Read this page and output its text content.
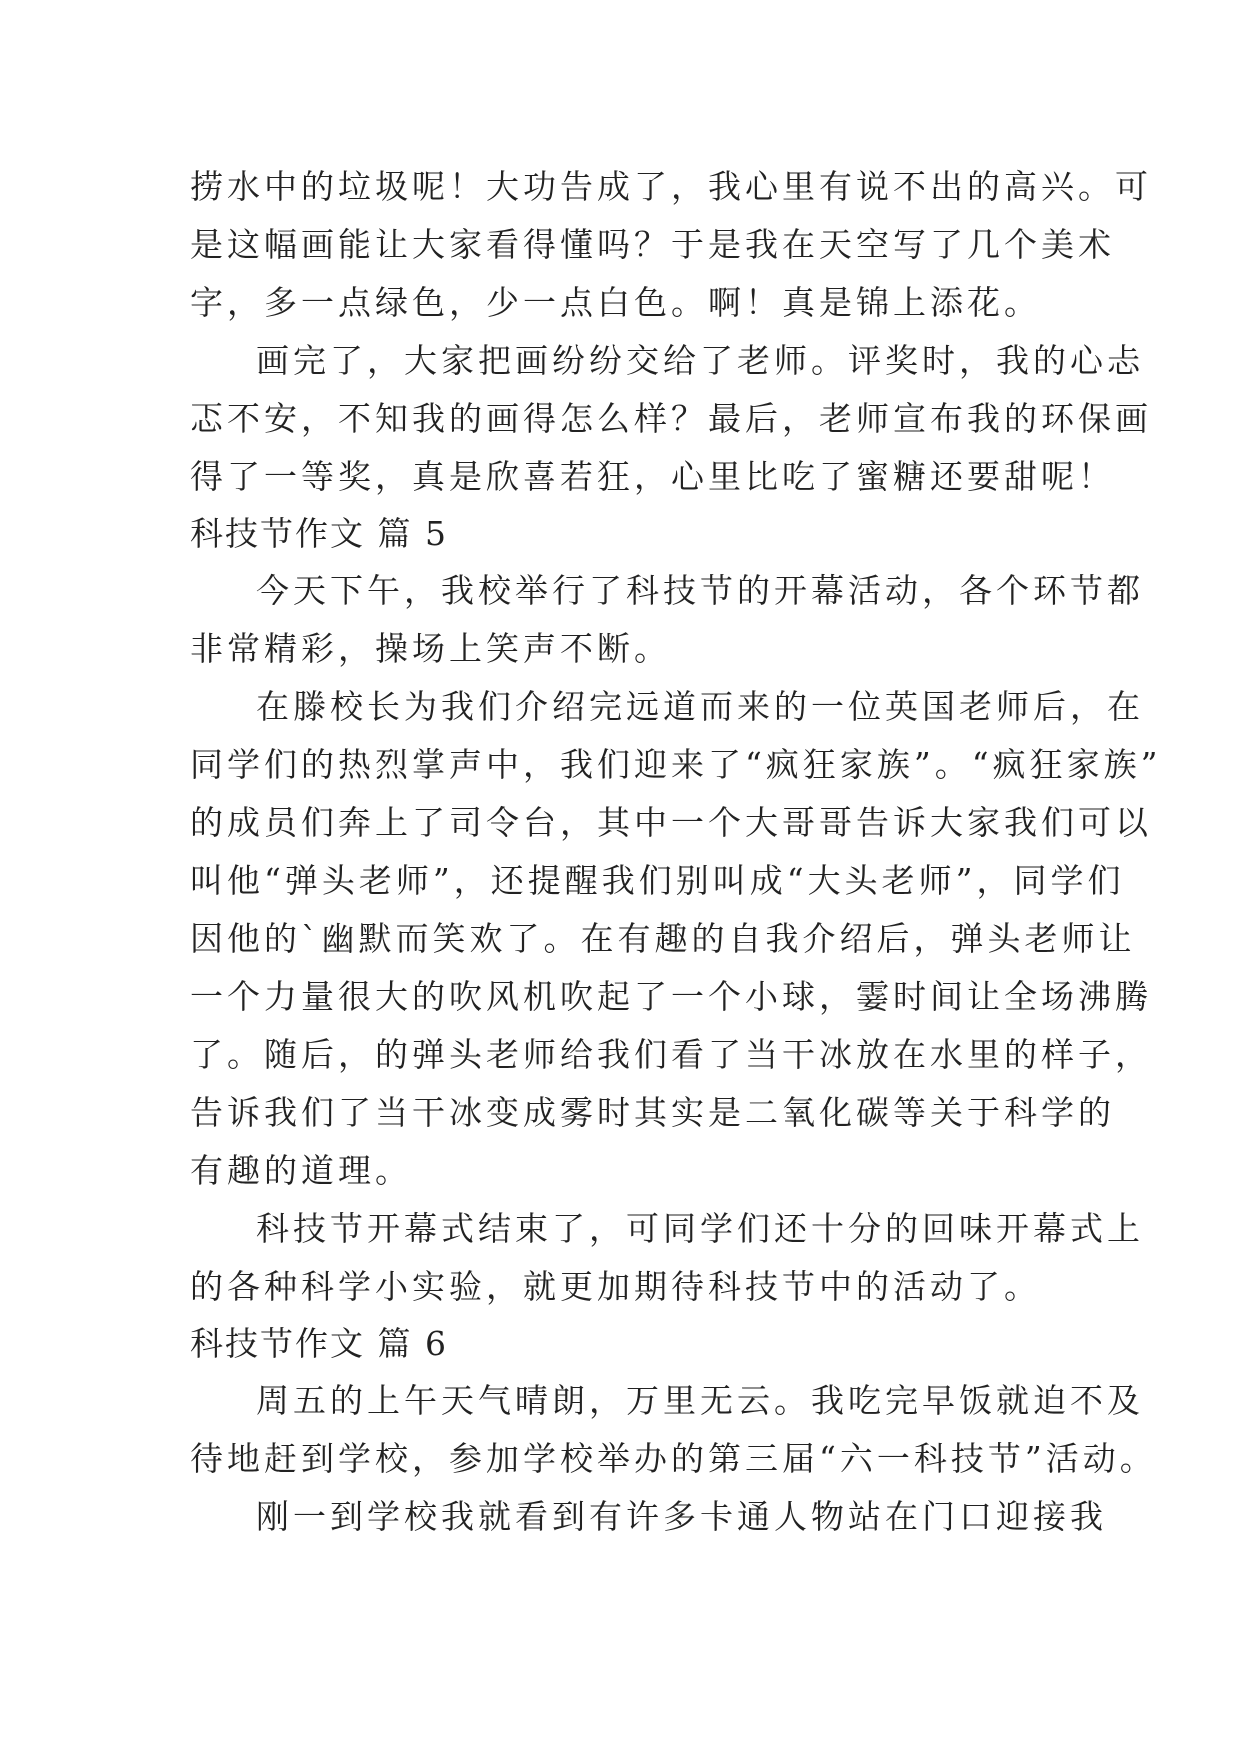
捞水中的垃圾呢！大功告成了，我心里有说不出的高兴。可
是这幅画能让大家看得懂吗？于是我在天空写了几个美术
字，多一点绿色，少一点白色。啊！真是锦上添花。
画完了，大家把画纷纷交给了老师。评奖时，我的心忐
忑不安，不知我的画得怎么样？最后，老师宣布我的环保画
得了一等奖，真是欣喜若狂，心里比吃了蜜糖还要甜呢！
科技节作文 篇 5
今天下午，我校举行了科技节的开幕活动，各个环节都
非常精彩，操场上笑声不断。
在滕校长为我们介绍完远道而来的一位英国老师后，在
同学们的热烈掌声中，我们迎来了“疯狂家族”。“疯狂家族”
的成员们奔上了司令台，其中一个大哥哥告诉大家我们可以
叫他“弹头老师”，还提醒我们别叫成“大头老师”，同学们
因他的`幽默而笑欢了。在有趣的自我介绍后，弹头老师让
一个力量很大的吹风机吹起了一个小球，霎时间让全场沸腾
了。随后，的弹头老师给我们看了当干冰放在水里的样子，
告诉我们了当干冰变成雾时其实是二氧化碳等关于科学的
有趣的道理。
科技节开幕式结束了，可同学们还十分的回味开幕式上
的各种科学小实验，就更加期待科技节中的活动了。
科技节作文 篇 6
周五的上午天气晴朗，万里无云。我吃完早饭就迫不及
待地赶到学校，参加学校举办的第三届“六一科技节”活动。
刚一到学校我就看到有许多卡通人物站在门口迎接我
